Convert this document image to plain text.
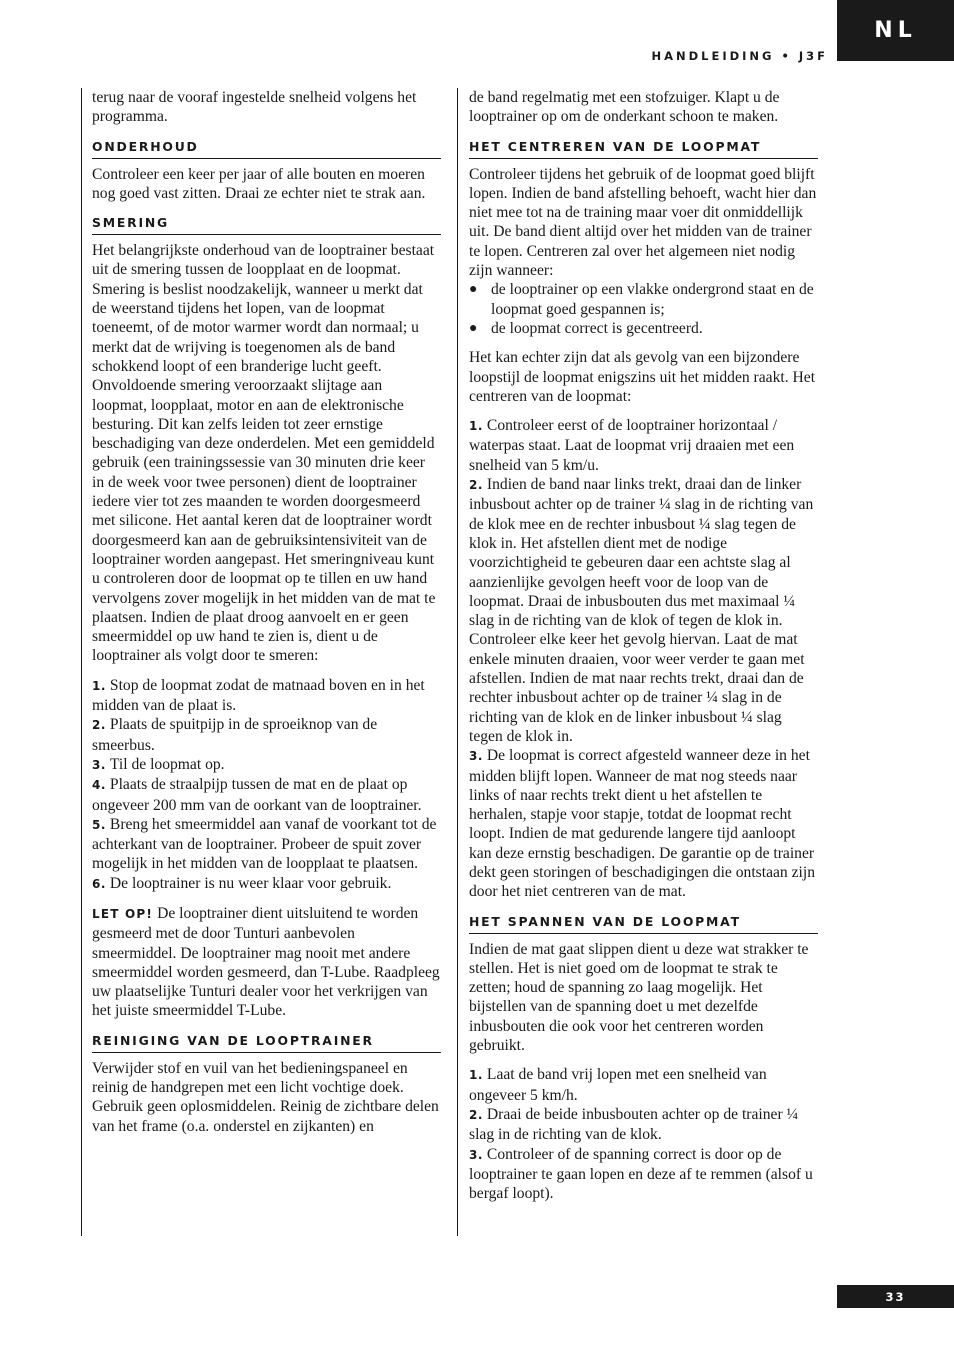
NL
HANDLEIDING • J3F

terug naar de vooraf ingestelde snelheid volgens het programma.

ONDERHOUD

Controleer een keer per jaar of alle bouten en moeren nog goed vast zitten. Draai ze echter niet te strak aan.

SMERING

Het belangrijkste onderhoud van de looptrainer bestaat uit de smering tussen de loopplaat en de loopmat. Smering is beslist noodzakelijk, wanneer u merkt dat de weerstand tijdens het lopen, van de loopmat toeneemt, of de motor warmer wordt dan normaal; u merkt dat de wrijving is toegenomen als de band schokkend loopt of een branderige lucht geeft. Onvoldoende smering veroorzaakt slijtage aan loopmat, loopplaat, motor en aan de elektronische besturing. Dit kan zelfs leiden tot zeer ernstige beschadiging van deze onderdelen. Met een gemiddeld gebruik (een trainingssessie van 30 minuten drie keer in de week voor twee personen) dient de looptrainer iedere vier tot zes maanden te worden doorgesmeerd met silicone. Het aantal keren dat de looptrainer wordt doorgesmeerd kan aan de gebruiksintensiviteit van de looptrainer worden aangepast. Het smeringniveau kunt u controleren door de loopmat op te tillen en uw hand vervolgens zover mogelijk in het midden van de mat te plaatsen. Indien de plaat droog aanvoelt en er geen smeermiddel op uw hand te zien is, dient u de looptrainer als volgt door te smeren:

1. Stop de loopmat zodat de matnaad boven en in het midden van de plaat is.
2. Plaats de spuitpijp in de sproeiknop van de smeerbus.
3. Til de loopmat op.
4. Plaats de straalpijp tussen de mat en de plaat op ongeveer 200 mm van de oorkant van de looptrainer.
5. Breng het smeermiddel aan vanaf de voorkant tot de achterkant van de looptrainer. Probeer de spuit zover mogelijk in het midden van de loopplaat te plaatsen.
6. De looptrainer is nu weer klaar voor gebruik.

LET OP! De looptrainer dient uitsluitend te worden gesmeerd met de door Tunturi aanbevolen smeermiddel. De looptrainer mag nooit met andere smeermiddel worden gesmeerd, dan T-Lube. Raadpleeg uw plaatselijke Tunturi dealer voor het verkrijgen van het juiste smeermiddel T-Lube.

REINIGING VAN DE LOOPTRAINER

Verwijder stof en vuil van het bedieningspaneel en reinig de handgrepen met een licht vochtige doek. Gebruik geen oplosmiddelen. Reinig de zichtbare delen van het frame (o.a. onderstel en zijkanten) en

de band regelmatig met een stofzuiger. Klapt u de looptrainer op om de onderkant schoon te maken.

HET CENTREREN VAN DE LOOPMAT
Controleer tijdens het gebruik of de loopmat goed blijft lopen. Indien de band afstelling behoeft, wacht hier dan niet mee tot na de training maar voer dit onmiddellijk uit. De band dient altijd over het midden van de trainer te lopen. Centreren zal over het algemeen niet nodig zijn wanneer:
● de looptrainer op een vlakke ondergrond staat en de loopmat goed gespannen is;
● de loopmat correct is gecentreerd.

Het kan echter zijn dat als gevolg van een bijzondere loopstijl de loopmat enigszins uit het midden raakt. Het centreren van de loopmat:

1. Controleer eerst of de looptrainer horizontaal / waterpas staat. Laat de loopmat vrij draaien met een snelheid van 5 km/u.
2. Indien de band naar links trekt, draai dan de linker inbusbout achter op de trainer ¼ slag in de richting van de klok mee en de rechter inbusbout ¼ slag tegen de klok in. Het afstellen dient met de nodige voorzichtigheid te gebeuren daar een achtste slag al aanzienlijke gevolgen heeft voor de loop van de loopmat. Draai de inbusbouten dus met maximaal ¼ slag in de richting van de klok of tegen de klok in. Controleer elke keer het gevolg hiervan. Laat de mat enkele minuten draaien, voor weer verder te gaan met afstellen. Indien de mat naar rechts trekt, draai dan de rechter inbusbout achter op de trainer ¼ slag in de richting van de klok en de linker inbusbout ¼ slag tegen de klok in.
3. De loopmat is correct afgesteld wanneer deze in het midden blijft lopen. Wanneer de mat nog steeds naar links of naar rechts trekt dient u het afstellen te herhalen, stapje voor stapje, totdat de loopmat recht loopt. Indien de mat gedurende langere tijd aanloopt kan deze ernstig beschadigen. De garantie op de trainer dekt geen storingen of beschadigingen die ontstaan zijn door het niet centreren van de mat.
HET SPANNEN VAN DE LOOPMAT

Indien de mat gaat slippen dient u deze wat strakker te stellen. Het is niet goed om de loopmat te strak te zetten; houd de spanning zo laag mogelijk. Het bijstellen van de spanning doet u met dezelfde inbusbouten die ook voor het centreren worden gebruikt.

1. Laat de band vrij lopen met een snelheid van ongeveer 5 km/h.
2. Draai de beide inbusbouten achter op de trainer ¼ slag in de richting van de klok.
3. Controleer of de spanning correct is door op de looptrainer te gaan lopen en deze af te remmen (alsof u bergaf loopt).
33
